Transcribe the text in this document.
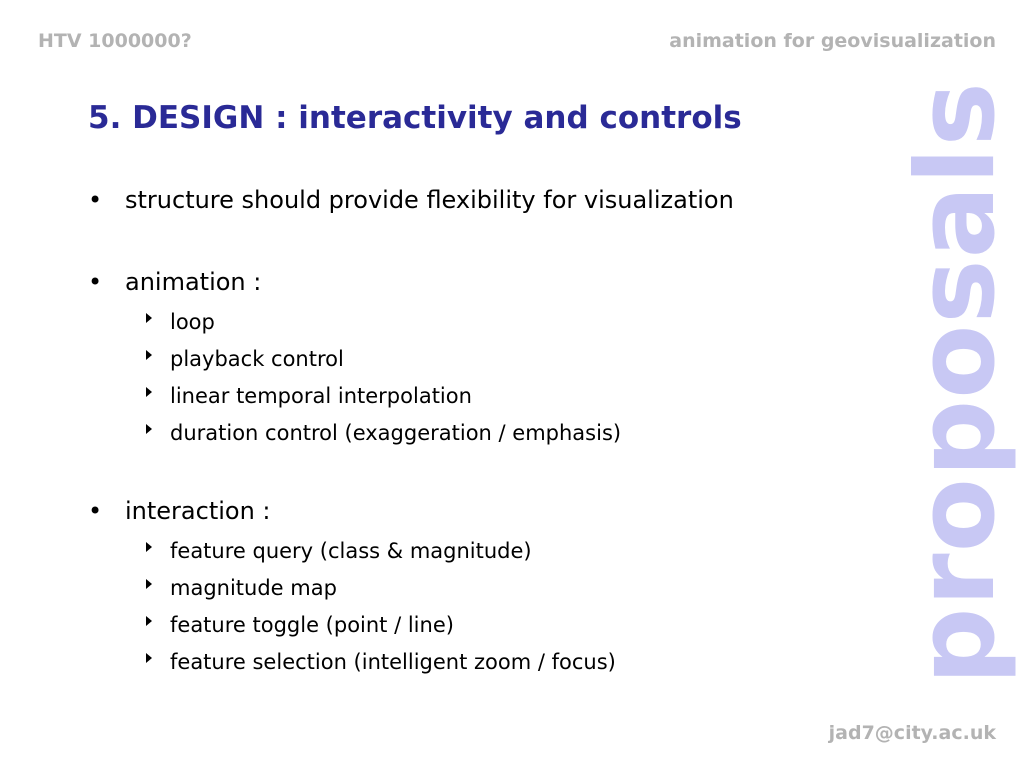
HTV 1000000?	animation for geovisualization
5. DESIGN : interactivity and controls proposals
• structure should provide flexibility for visualization
• animation :
loop
playback control
linear temporal interpolation
duration control (exaggeration / emphasis)
• interaction :
feature query (class & magnitude)
magnitude map
feature toggle (point / line)
feature selection (intelligent zoom / focus)
jad7@city.ac.uk
